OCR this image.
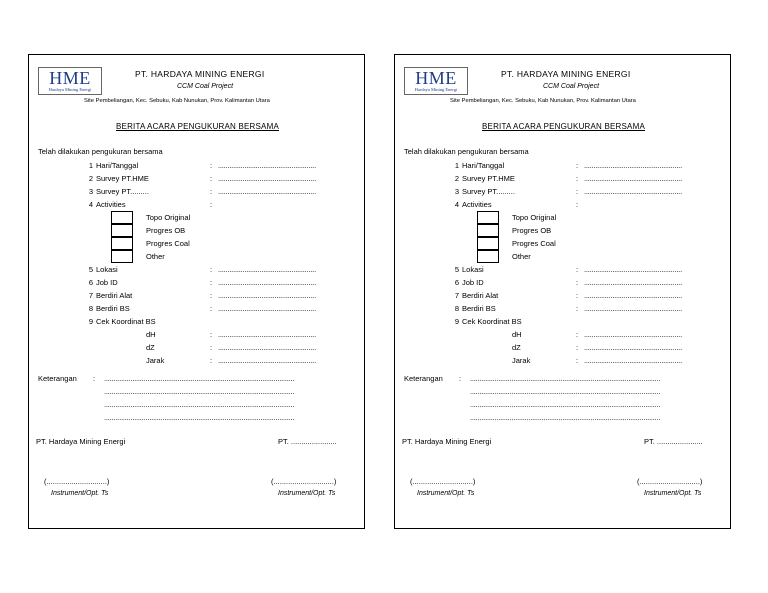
HME
Hardaya Mining Energi
PT. HARDAYA MINING ENERGI
CCM Coal Project
Site Pembeliangan, Kec. Sebuku, Kab Nunukan, Prov. Kalimantan Utara
BERITA ACARA PENGUKURAN BERSAMA
Telah dilakukan pengukuran bersama
1 Hari/Tanggal	: ....................................................
2 Survey PT.HME	: ....................................................
3 Survey PT.........	: ....................................................
4 Activities	:
Topo Original
Progres OB
Progres Coal
Other
5 Lokasi	: ....................................................
6 Job ID	: ....................................................
7 Berdiri Alat	: ....................................................
8 Berdiri BS	: ....................................................
9 Cek Koordinat BS
dH	: ....................................................
dZ	: ....................................................
Jarak	: ....................................................
Keterangan : .....................................................................................................
.....................................................................................................
.....................................................................................................
.....................................................................................................
PT. Hardaya Mining Energi	PT. ......................
(.............................)	(.............................)
Instrument/Opt. Ts	Instrument/Opt. Ts
HME
Hardaya Mining Energi
PT. HARDAYA MINING ENERGI
CCM Coal Project
Site Pembeliangan, Kec. Sebuku, Kab Nunukan, Prov. Kalimantan Utara
BERITA ACARA PENGUKURAN BERSAMA
Telah dilakukan pengukuran bersama
1 Hari/Tanggal	: ....................................................
2 Survey PT.HME	: ....................................................
3 Survey PT.........	: ....................................................
4 Activities	:
Topo Original
Progres OB
Progres Coal
Other
5 Lokasi	: ....................................................
6 Job ID	: ....................................................
7 Berdiri Alat	: ....................................................
8 Berdiri BS	: ....................................................
9 Cek Koordinat BS
dH	: ....................................................
dZ	: ....................................................
Jarak	: ....................................................
Keterangan : .....................................................................................................
.....................................................................................................
.....................................................................................................
.....................................................................................................
PT. Hardaya Mining Energi	PT. ......................
(.............................)	(.............................)
Instrument/Opt. Ts	Instrument/Opt. Ts
